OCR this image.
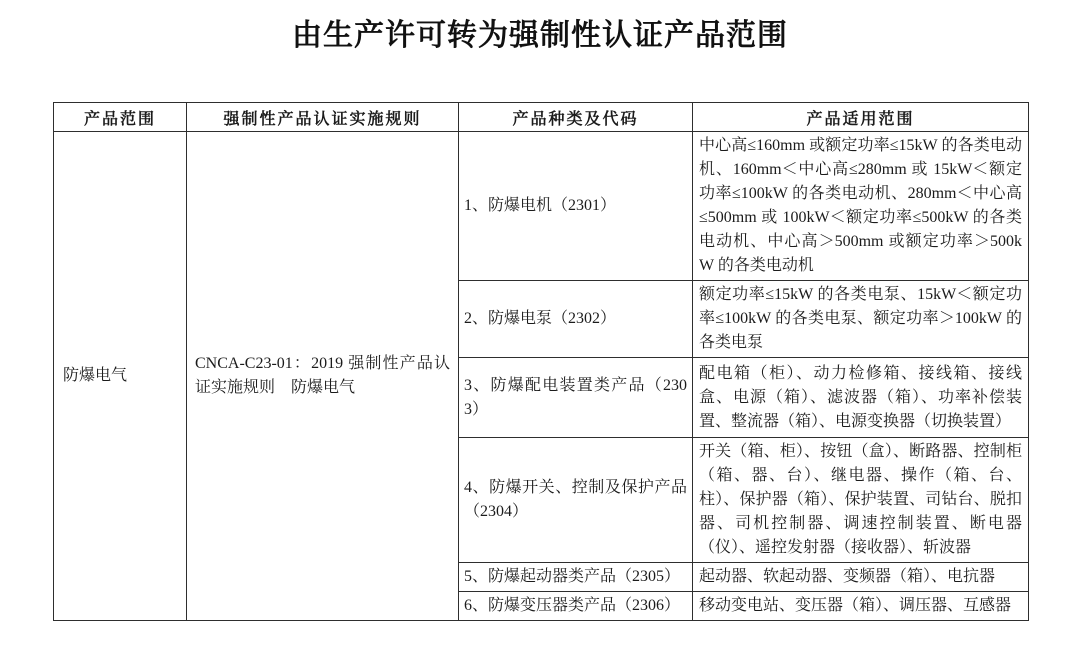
由生产许可转为强制性认证产品范围
产品范围	强制性产品认证实施规则	产品种类及代码	产品适用范围
防爆电气	CNCA-C23-01：2019 强制性产品认证实施规则　防爆电气	1、防爆电机（2301）	中心高≤160mm 或额定功率≤15kW 的各类电动机、160mm＜中心高≤280mm 或 15kW＜额定功率≤100kW 的各类电动机、280mm＜中心高≤500mm 或 100kW＜额定功率≤500kW 的各类电动机、中心高＞500mm 或额定功率＞500kW 的各类电动机
		2、防爆电泵（2302）	额定功率≤15kW 的各类电泵、15kW＜额定功率≤100kW 的各类电泵、额定功率＞100kW 的各类电泵
		3、防爆配电装置类产品（2303）	配电箱（柜）、动力检修箱、接线箱、接线盒、电源（箱）、滤波器（箱）、功率补偿装置、整流器（箱）、电源变换器（切换装置）
		4、防爆开关、控制及保护产品（2304）	开关（箱、柜）、按钮（盒）、断路器、控制柜（箱、器、台）、继电器、操作（箱、台、柱）、保护器（箱）、保护装置、司钻台、脱扣器、司机控制器、调速控制装置、断电器（仪）、遥控发射器（接收器）、斩波器
		5、防爆起动器类产品（2305）	起动器、软起动器、变频器（箱）、电抗器
		6、防爆变压器类产品（2306）	移动变电站、变压器（箱）、调压器、互感器
